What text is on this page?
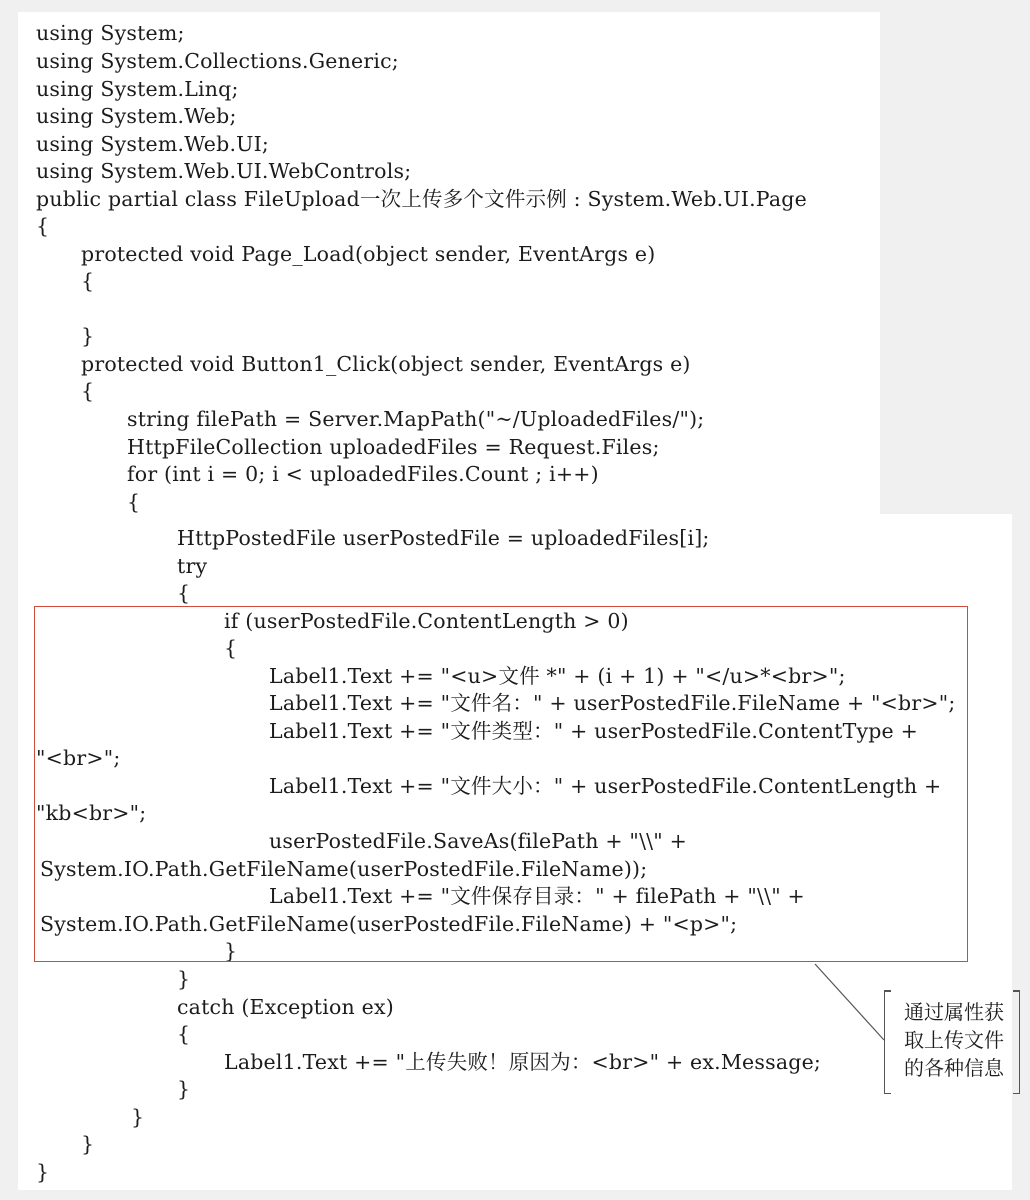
using System;
using System.Collections.Generic;
using System.Linq;
using System.Web;
using System.Web.UI;
using System.Web.UI.WebControls;
public partial class FileUpload一次上传多个文件示例 : System.Web.UI.Page
{
protected void Page_Load(object sender, EventArgs e)
{
}
protected void Button1_Click(object sender, EventArgs e)
{
string filePath = Server.MapPath("~/UploadedFiles/");
HttpFileCollection uploadedFiles = Request.Files;
for (int i = 0; i < uploadedFiles.Count ; i++)
{
HttpPostedFile userPostedFile = uploadedFiles[i];
try
{
if (userPostedFile.ContentLength > 0)
{
Label1.Text += "<u>文件 *" + (i + 1) + "</u>*<br>";
Label1.Text += "文件名：" + userPostedFile.FileName + "<br>";
Label1.Text += "文件类型：" + userPostedFile.ContentType +
"<br>";
Label1.Text += "文件大小：" + userPostedFile.ContentLength +
"kb<br>";
userPostedFile.SaveAs(filePath + "\\" +
System.IO.Path.GetFileName(userPostedFile.FileName));
Label1.Text += "文件保存目录：" + filePath + "\\" +
System.IO.Path.GetFileName(userPostedFile.FileName) + "<p>";
}
}
catch (Exception ex)
{
Label1.Text += "上传失败！原因为：<br>" + ex.Message;
}
}
}
}
通过属性获
取上传文件
的各种信息
